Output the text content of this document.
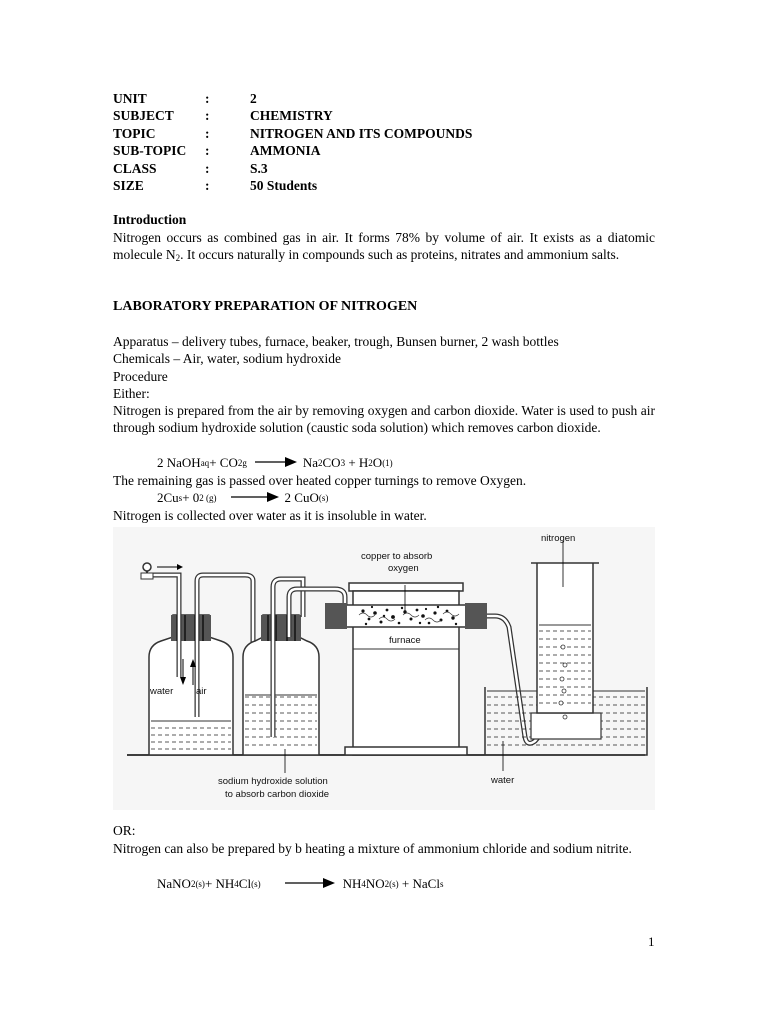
UNIT	:	2
SUBJECT	:	CHEMISTRY
TOPIC	:	NITROGEN AND ITS COMPOUNDS
SUB-TOPIC	:	AMMONIA
CLASS	:	S.3
SIZE	:	50 Students
Introduction
Nitrogen occurs as combined gas in air. It forms 78% by volume of air. It exists as a diatomic molecule $N_2$. It occurs naturally in compounds such as proteins, nitrates and ammonium salts.
LABORATORY PREPARATION OF NITROGEN
Apparatus – delivery tubes, furnace, beaker, trough, Bunsen burner, 2 wash bottles
Chemicals – Air, water, sodium hydroxide
Procedure
Either:
Nitrogen is prepared from the air by removing oxygen and carbon dioxide. Water is used to push air through sodium hydroxide solution (caustic soda solution) which removes carbon dioxide.
2 NaOH aq + CO 2g → Na 2 CO 3
+ H 2 O (1)
The remaining gas is passed over heated copper turnings to remove Oxygen.
2Cu s + 0 2 (g) → 2 CuO (s)
Nitrogen is collected over water as it is insoluble in water.
water air
sodium hydroxide solution
to absorb carbon dioxide
copper to absorb
oxygen
furnace
nitrogen
water
OR:
Nitrogen can also be prepared by b heating a mixture of ammonium chloride and sodium nitrite.
NaNO 2(s) + NH 4 Cl (s) → NH 4 NO 2(s)
+ NaCl s
1
